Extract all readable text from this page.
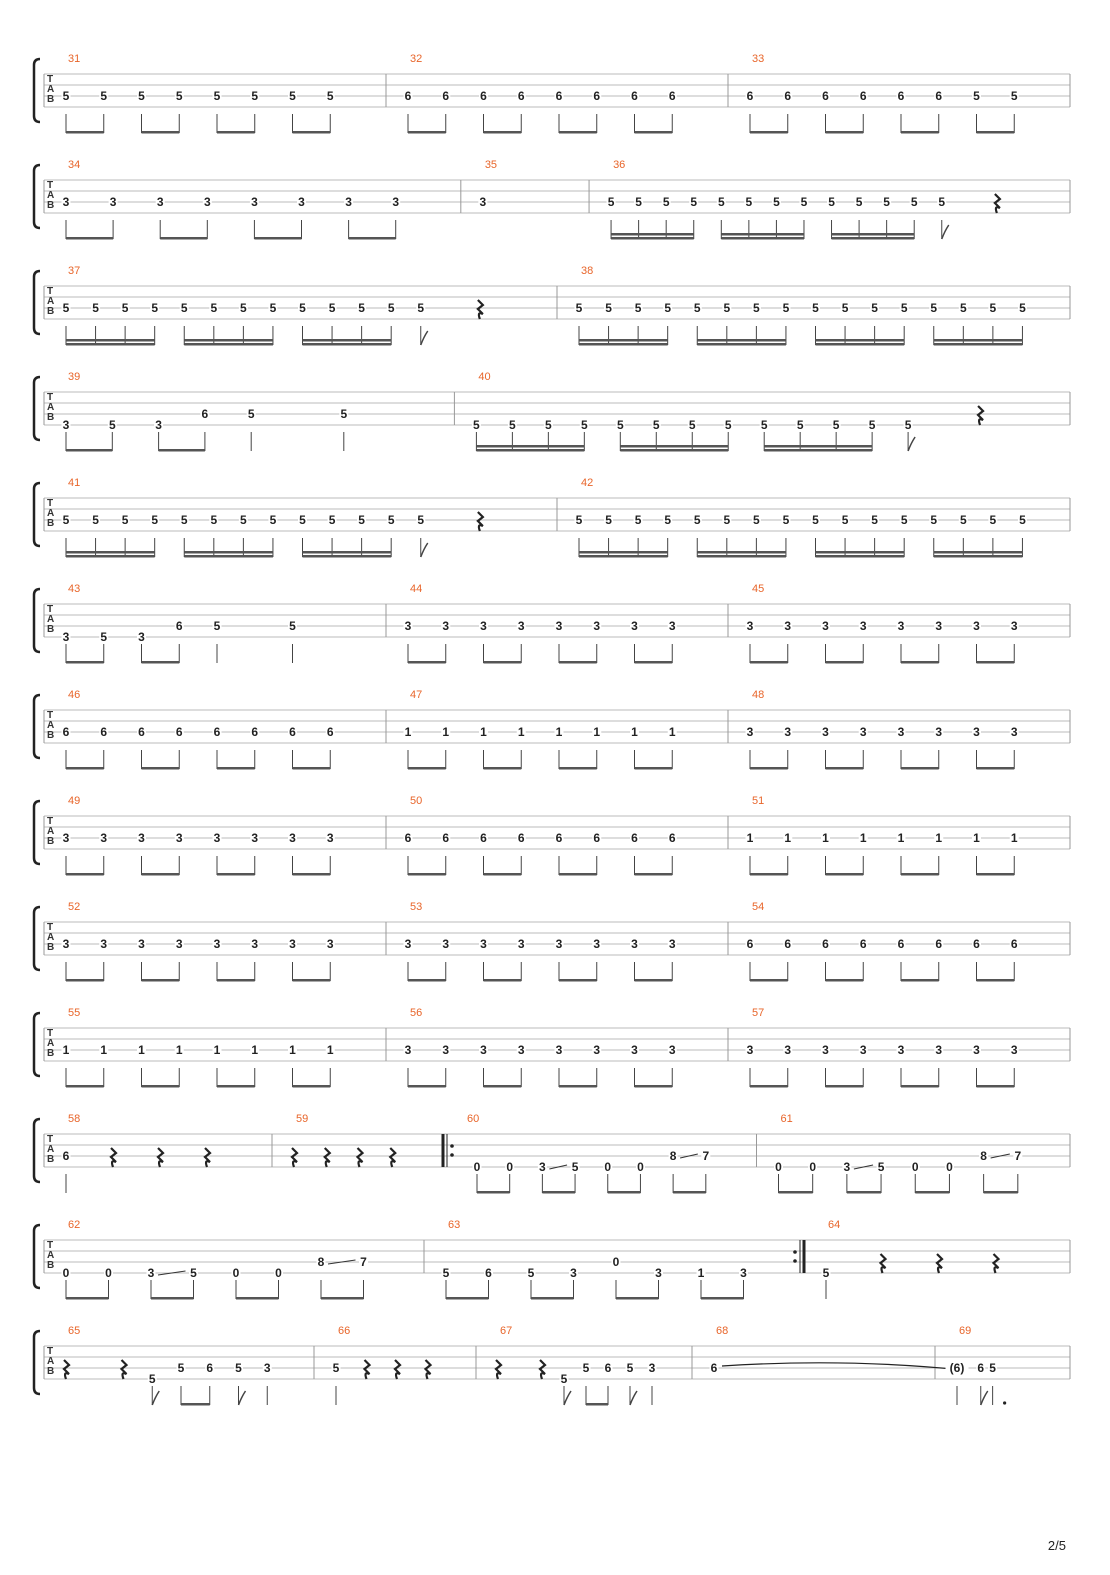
T
A
B
31
5	5	5	5	5	5	5	5
32
6	6	6	6	6	6	6	6
33
6	6	6	6	6	6	5	5
T
A
B
34
3	3	3	3	3	3	3	3
35
3
36
5 5 5 5 5 5 5 5 5 5 5 5 5
T
A
B
37
5 5 5 5 5 5 5 5 5 5 5 5 5
38
5 5 5 5 5 5 5 5 5 5 5 5 5 5 5 5
T
A
B
39
3	5	3
6	5	5
40
5 5 5 5 5 5 5 5 5 5 5 5 5
T
A
B
41
5 5 5 5 5 5 5 5 5 5 5 5 5
42
5 5 5 5 5 5 5 5 5 5 5 5 5 5 5 5
T
A
B
43
3	5	3
6	5	5
44
3	3	3	3	3	3	3	3
45
3	3	3	3	3	3	3	3
T
A
B
46
6	6	6	6	6	6	6	6
47
1	1	1	1	1	1	1	1
48
3	3	3	3	3	3	3	3
T
A
B
49
3	3	3	3	3	3	3	3
50
6	6	6	6	6	6	6	6
51
1	1	1	1	1	1	1	1
T
A
B
52
3	3	3	3	3	3	3	3
53
3	3	3	3	3	3	3	3
54
6	6	6	6	6	6	6	6
T
A
B
55
1	1	1	1	1	1	1	1
56
3	3	3	3	3	3	3	3
57
3	3	3	3	3	3	3	3
T
A
B
58
6
59	60
0 0 3 5 0 0
8 7
61
0 0 3 5 0 0
8 7
T
A
B
62
0	0	3	5	0	0
8	7
63
5	6	5	3
0
3	1	3
64
5
T
A
B
65
5
5 6 5 3
66
5
67
5
5 6 5 3
68
6
69
(6) 6 5
2/5
